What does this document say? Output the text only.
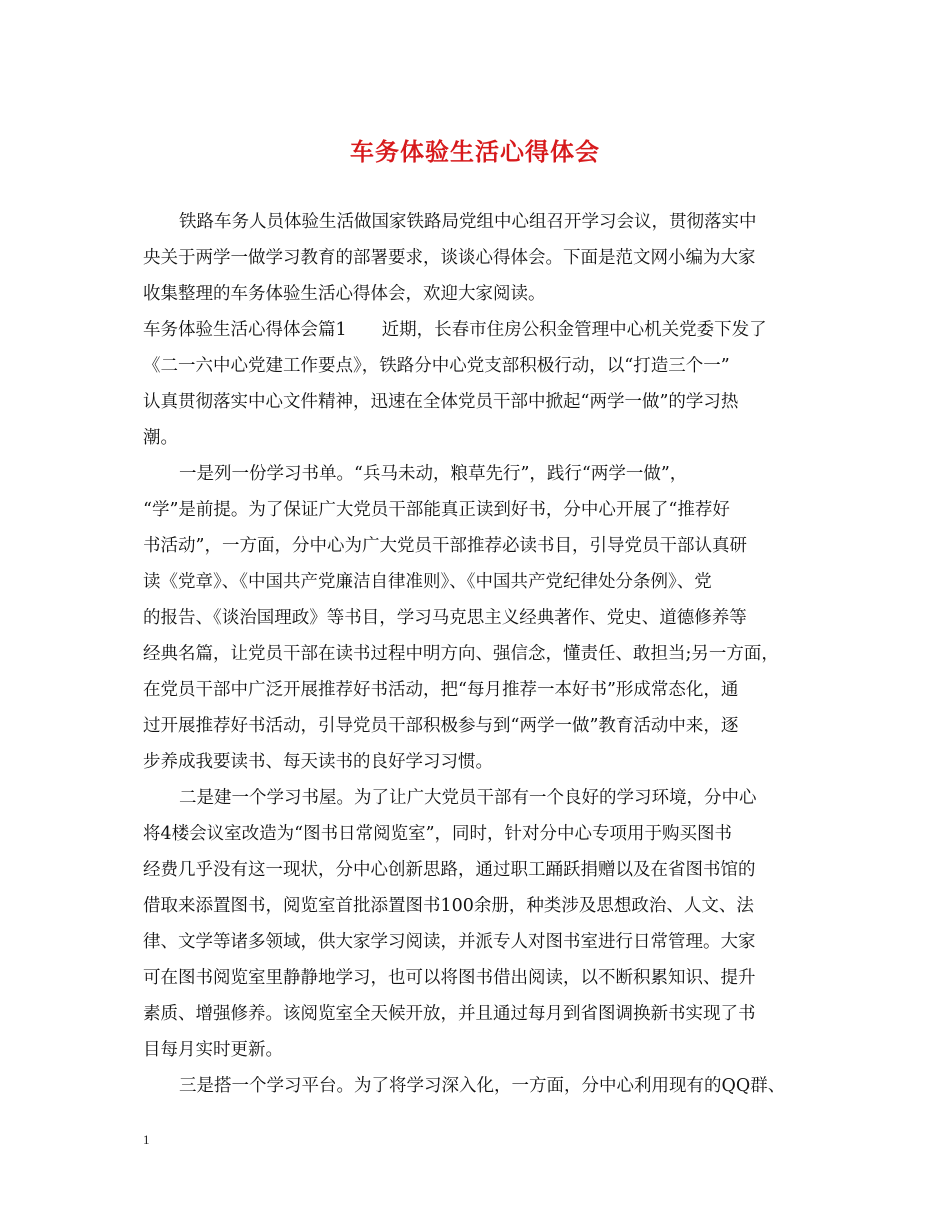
车务体验生活心得体会
铁路车务人员体验生活做国家铁路局党组中心组召开学习会议，贯彻落实中
央关于两学一做学习教育的部署要求，谈谈心得体会。下面是范文网小编为大家
收集整理的车务体验生活心得体会，欢迎大家阅读。
车务体验生活心得体会篇1　　近期，长春市住房公积金管理中心机关党委下发了
《二一六中心党建工作要点》，铁路分中心党支部积极行动，以“打造三个一”
认真贯彻落实中心文件精神，迅速在全体党员干部中掀起“两学一做”的学习热
潮。
一是列一份学习书单。“兵马未动，粮草先行”，践行“两学一做”，
“学”是前提。为了保证广大党员干部能真正读到好书，分中心开展了“推荐好
书活动”，一方面，分中心为广大党员干部推荐必读书目，引导党员干部认真研
读《党章》、《中国共产党廉洁自律准则》、《中国共产党纪律处分条例》、党
的报告、《谈治国理政》等书目，学习马克思主义经典著作、党史、道德修养等
经典名篇，让党员干部在读书过程中明方向、强信念，懂责任、敢担当;另一方面，
在党员干部中广泛开展推荐好书活动，把“每月推荐一本好书”形成常态化，通
过开展推荐好书活动，引导党员干部积极参与到“两学一做”教育活动中来，逐
步养成我要读书、每天读书的良好学习习惯。
二是建一个学习书屋。为了让广大党员干部有一个良好的学习环境，分中心
将4楼会议室改造为“图书日常阅览室”，同时，针对分中心专项用于购买图书
经费几乎没有这一现状，分中心创新思路，通过职工踊跃捐赠以及在省图书馆的
借取来添置图书，阅览室首批添置图书100余册，种类涉及思想政治、人文、法
律、文学等诸多领域，供大家学习阅读，并派专人对图书室进行日常管理。大家
可在图书阅览室里静静地学习，也可以将图书借出阅读，以不断积累知识、提升
素质、增强修养。该阅览室全天候开放，并且通过每月到省图调换新书实现了书
目每月实时更新。
三是搭一个学习平台。为了将学习深入化，一方面，分中心利用现有的QQ群、
1
